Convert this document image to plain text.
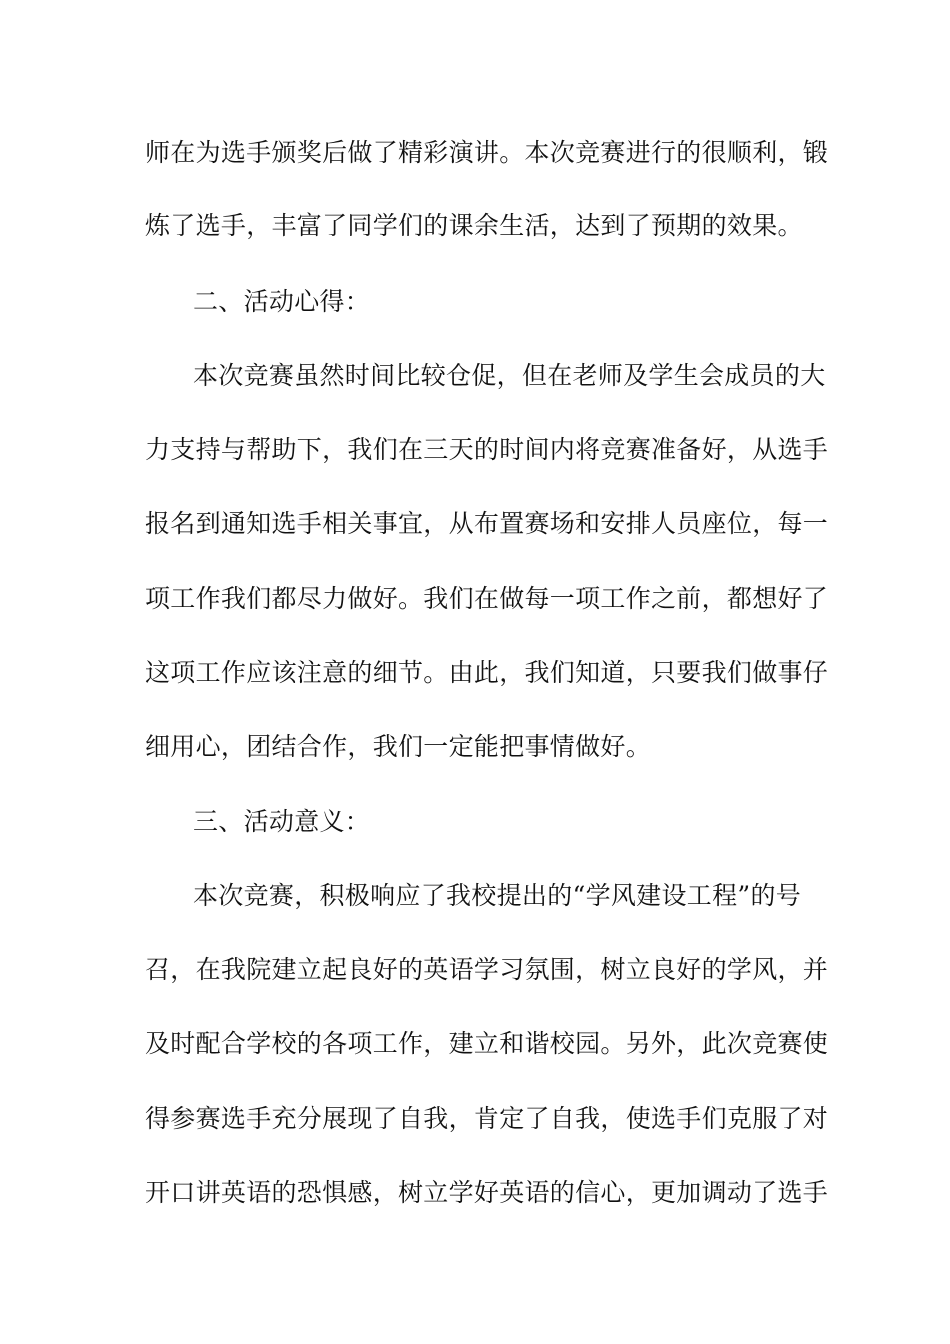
师在为选手颁奖后做了精彩演讲。本次竞赛进行的很顺利，锻
炼了选手，丰富了同学们的课余生活，达到了预期的效果。
二、活动心得：
本次竞赛虽然时间比较仓促，但在老师及学生会成员的大
力支持与帮助下，我们在三天的时间内将竞赛准备好，从选手
报名到通知选手相关事宜，从布置赛场和安排人员座位，每一
项工作我们都尽力做好。我们在做每一项工作之前，都想好了
这项工作应该注意的细节。由此，我们知道，只要我们做事仔
细用心，团结合作，我们一定能把事情做好。
三、活动意义：
本次竞赛，积极响应了我校提出的“学风建设工程”的号
召，在我院建立起良好的英语学习氛围，树立良好的学风，并
及时配合学校的各项工作，建立和谐校园。另外，此次竞赛使
得参赛选手充分展现了自我，肯定了自我，使选手们克服了对
开口讲英语的恐惧感，树立学好英语的信心，更加调动了选手
